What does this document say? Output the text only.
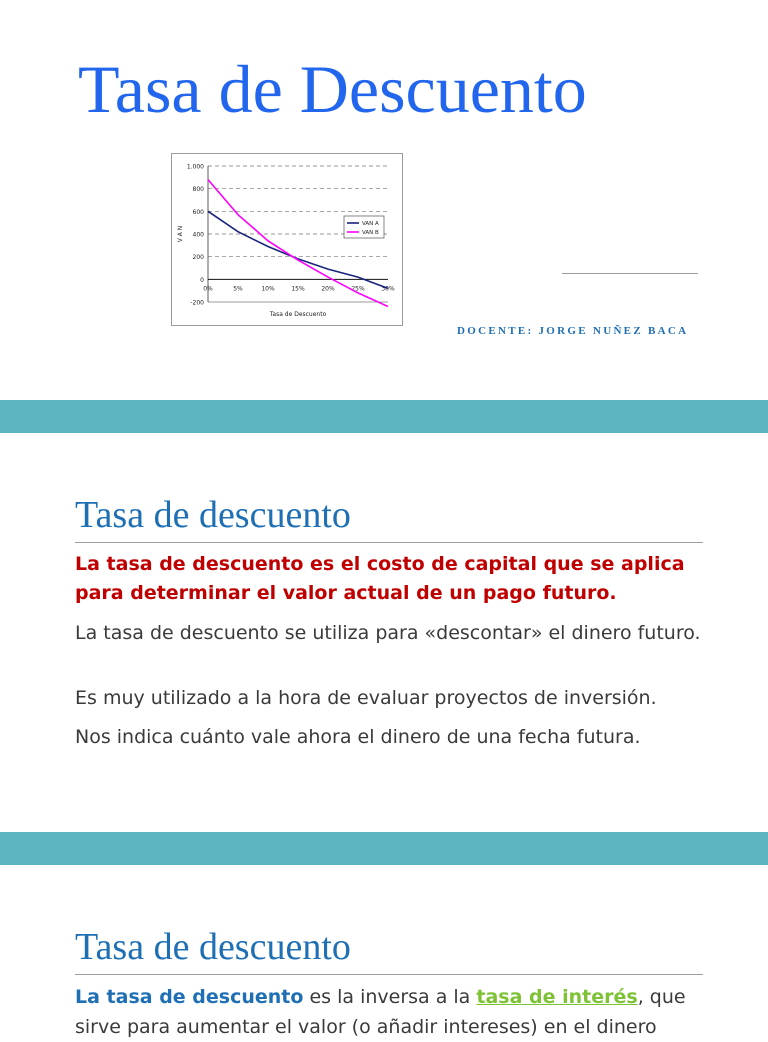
Tasa de Descuento
1.000
800
600
400
200
0
-200
0%	5%	10%	15%	20%	25%	30%
Tasa de Descuento
V A N
VAN A
VAN B
DOCENTE: JORGE NUÑEZ BACA
Tasa de descuento

La tasa de descuento es el costo de capital que se aplica para determinar el valor actual de un pago futuro.

La tasa de descuento se utiliza para «descontar» el dinero futuro.

Es muy utilizado a la hora de evaluar proyectos de inversión.

Nos indica cuánto vale ahora el dinero de una fecha futura.

Tasa de descuento

La tasa de descuento es la inversa a la tasa de interés, que

sirve para aumentar el valor (o añadir intereses) en el dinero
